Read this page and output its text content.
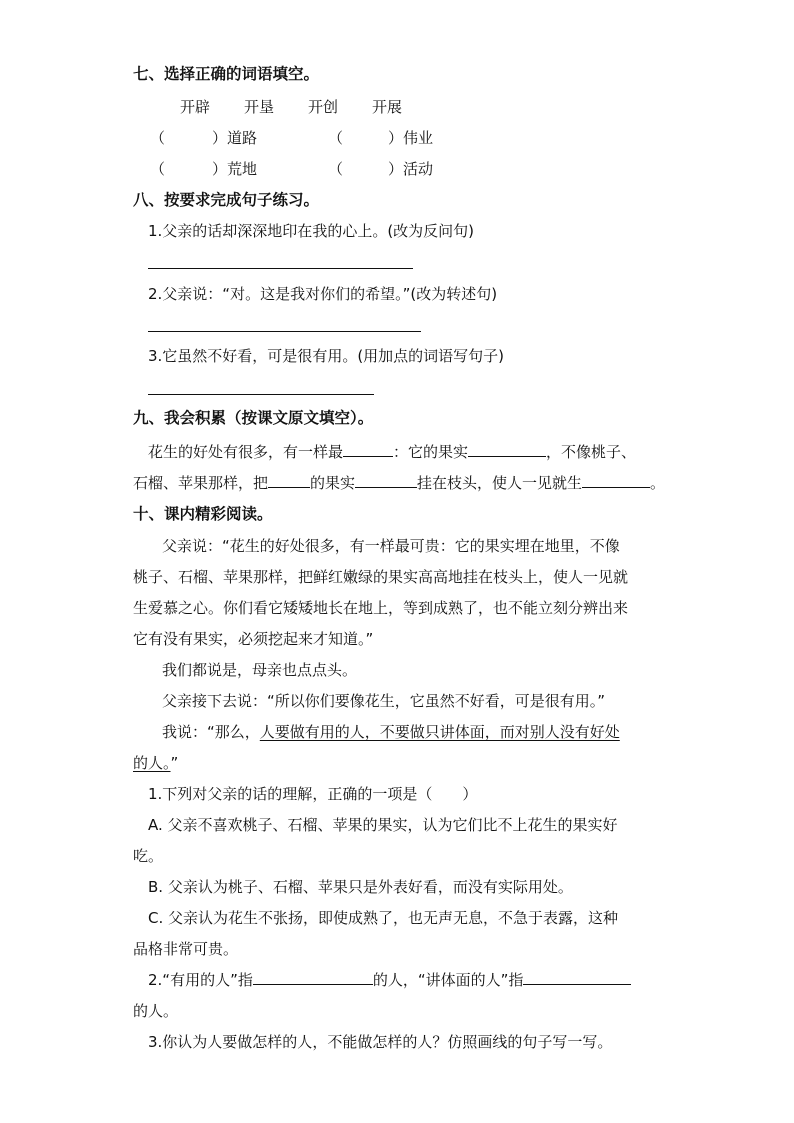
七、选择正确的词语填空。
开辟 开垦 开创 开展
（	）道路	（	）伟业
（	）荒地	（	）活动
八、按要求完成句子练习。
1.父亲的话却深深地印在我的心上。(改为反问句)
2.父亲说：“对。这是我对你们的希望。”(改为转述句)
3.它虽然不好看，可是很有用。(用加点的词语写句子)
九、我会积累（按课文原文填空）。
花生的好处有很多，有一样最	：它的果实	，不像桃子、
石榴、苹果那样，把	的果实	挂在枝头，使人一见就生	。
十、课内精彩阅读。
父亲说：“花生的好处很多，有一样最可贵：它的果实埋在地里，不像
桃子、石榴、苹果那样，把鲜红嫩绿的果实高高地挂在枝头上，使人一见就
生爱慕之心。你们看它矮矮地长在地上，等到成熟了，也不能立刻分辨出来
它有没有果实，必须挖起来才知道。”
我们都说是，母亲也点点头。
父亲接下去说：“所以你们要像花生，它虽然不好看，可是很有用。”
我说：“那么，人要做有用的人，不要做只讲体面，而对别人没有好处
的人。”
1.下列对父亲的话的理解，正确的一项是（　　）
A. 父亲不喜欢桃子、石榴、苹果的果实，认为它们比不上花生的果实好
吃。
B. 父亲认为桃子、石榴、苹果只是外表好看，而没有实际用处。
C. 父亲认为花生不张扬，即使成熟了，也无声无息，不急于表露，这种
品格非常可贵。
2.“有用的人”指	的人，“讲体面的人”指
的人。
3.你认为人要做怎样的人，不能做怎样的人？仿照画线的句子写一写。
